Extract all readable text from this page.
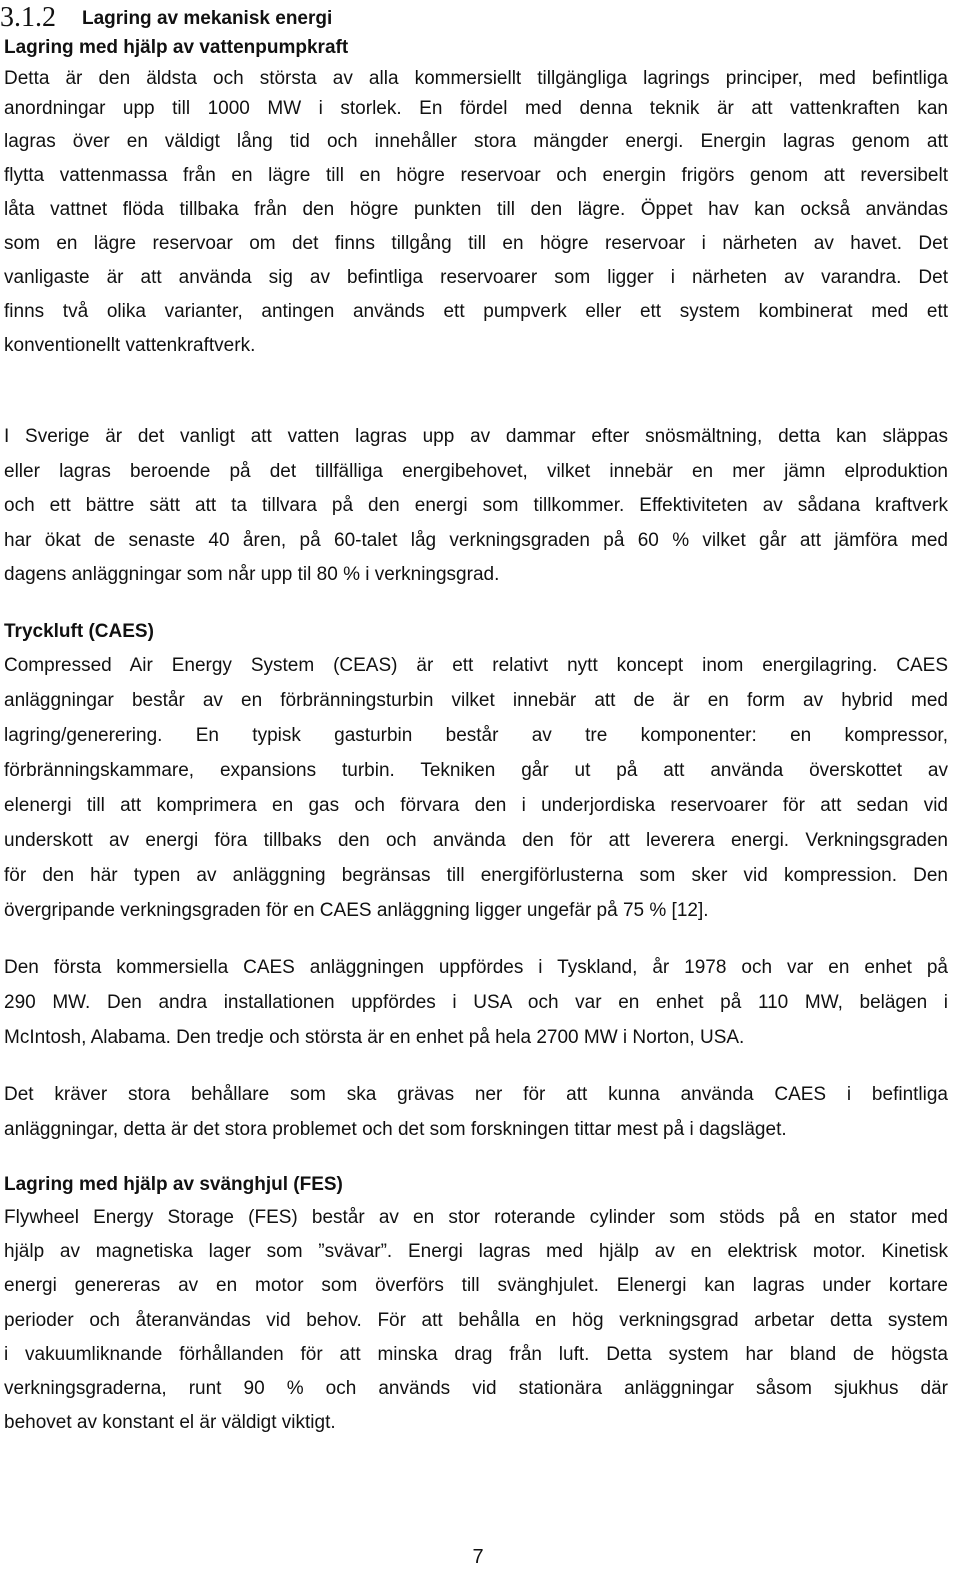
3.1.2 Lagring av mekanisk energi
Lagring med hjälp av vattenpumpkraft
Detta är den äldsta och största av alla kommersiellt tillgängliga lagrings principer, med befintliga
anordningar upp till 1000 MW i storlek. En fördel med denna teknik är att vattenkraften kan
lagras över en väldigt lång tid och innehåller stora mängder energi. Energin lagras genom att
flytta vattenmassa från en lägre till en högre reservoar och energin frigörs genom att reversibelt
låta vattnet flöda tillbaka från den högre punkten till den lägre. Öppet hav kan också användas
som en lägre reservoar om det finns tillgång till en högre reservoar i närheten av havet. Det
vanligaste är att använda sig av befintliga reservoarer som ligger i närheten av varandra. Det
finns två olika varianter, antingen används ett pumpverk eller ett system kombinerat med ett
konventionellt vattenkraftverk.
I Sverige är det vanligt att vatten lagras upp av dammar efter snösmältning, detta kan släppas
eller lagras beroende på det tillfälliga energibehovet, vilket innebär en mer jämn elproduktion
och ett bättre sätt att ta tillvara på den energi som tillkommer. Effektiviteten av sådana kraftverk
har ökat de senaste 40 åren, på 60-talet låg verkningsgraden på 60 % vilket går att jämföra med
dagens anläggningar som når upp til 80 % i verkningsgrad.
Tryckluft (CAES)
Compressed Air Energy System (CEAS) är ett relativt nytt koncept inom energilagring. CAES
anläggningar består av en förbränningsturbin vilket innebär att de är en form av hybrid med
lagring/generering. En typisk gasturbin består av tre komponenter: en kompressor,
förbränningskammare, expansions turbin. Tekniken går ut på att använda överskottet av
elenergi till att komprimera en gas och förvara den i underjordiska reservoarer för att sedan vid
underskott av energi föra tillbaks den och använda den för att leverera energi. Verkningsgraden
för den här typen av anläggning begränsas till energiförlusterna som sker vid kompression. Den
övergripande verkningsgraden för en CAES anläggning ligger ungefär på 75 % [12].
Den första kommersiella CAES anläggningen uppfördes i Tyskland, år 1978 och var en enhet på
290 MW. Den andra installationen uppfördes i USA och var en enhet på 110 MW, belägen i
McIntosh, Alabama. Den tredje och största är en enhet på hela 2700 MW i Norton, USA.
Det kräver stora behållare som ska grävas ner för att kunna använda CAES i befintliga
anläggningar, detta är det stora problemet och det som forskningen tittar mest på i dagsläget.
Lagring med hjälp av svänghjul (FES)
Flywheel Energy Storage (FES) består av en stor roterande cylinder som stöds på en stator med
hjälp av magnetiska lager som ”svävar”. Energi lagras med hjälp av en elektrisk motor. Kinetisk
energi genereras av en motor som överförs till svänghjulet. Elenergi kan lagras under kortare
perioder och återanvändas vid behov. För att behålla en hög verkningsgrad arbetar detta system
i vakuumliknande förhållanden för att minska drag från luft. Detta system har bland de högsta
verkningsgraderna, runt 90 % och används vid stationära anläggningar såsom sjukhus där
behovet av konstant el är väldigt viktigt.
7
